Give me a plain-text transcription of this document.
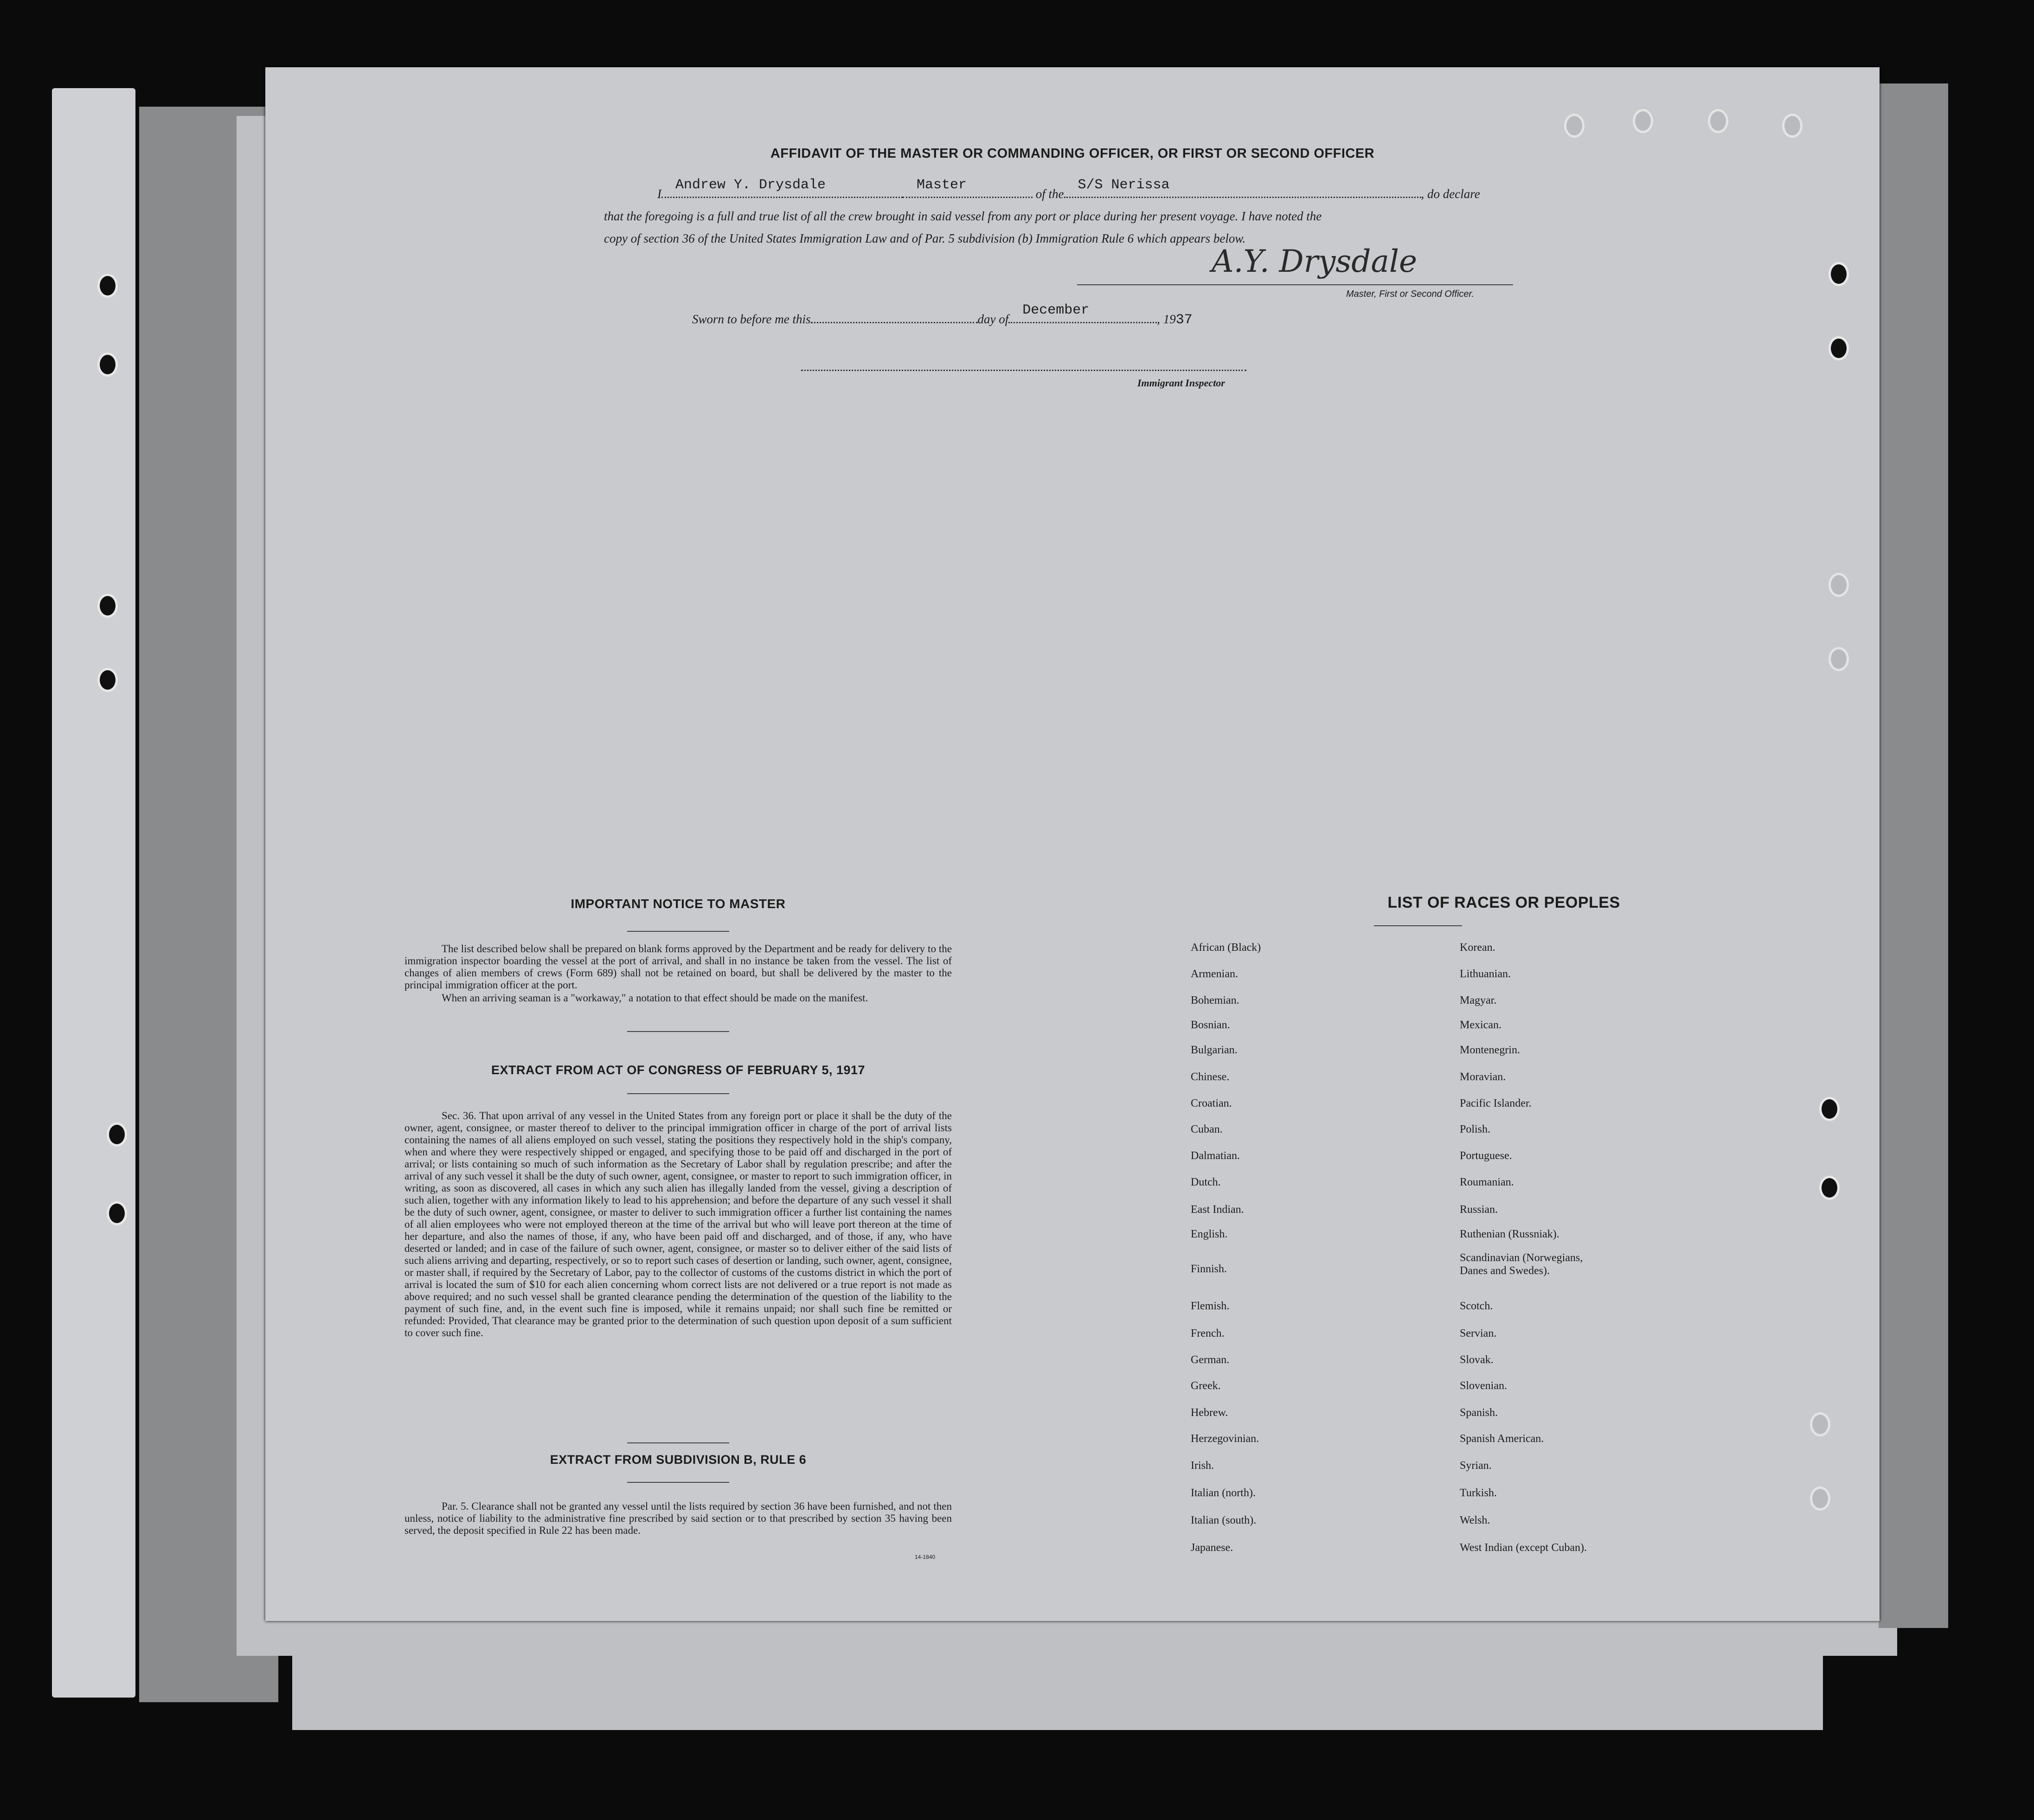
AFFIDAVIT OF THE MASTER OR COMMANDING OFFICER, OR FIRST OR SECOND OFFICER
I
Andrew Y. Drysdale	Master
of the
S/S Nerissa
, do declare
that the foregoing is a full and true list of all the crew brought in said vessel from any port or place during her present voyage. I have noted the
copy of section 36 of the United States Immigration Law and of Par. 5 subdivision (b) Immigration Rule 6 which appears below.
A.Y. Drysdale
Master, First or Second Officer.
Sworn to before me this	day of
December
, 1937
Immigrant Inspector
IMPORTANT NOTICE TO MASTER
The list described below shall be prepared on blank forms approved by the Department and be ready for delivery to the immigration inspector boarding the vessel at the port of arrival, and shall in no instance be taken from the vessel. The list of changes of alien members of crews (Form 689) shall not be retained on board, but shall be delivered by the master to the principal immigration officer at the port.
When an arriving seaman is a "workaway," a notation to that effect should be made on the manifest.
EXTRACT FROM ACT OF CONGRESS OF FEBRUARY 5, 1917
Sec. 36. That upon arrival of any vessel in the United States from any foreign port or place it shall be the duty of the owner, agent, consignee, or master thereof to deliver to the principal immigration officer in charge of the port of arrival lists containing the names of all aliens employed on such vessel, stating the positions they respectively hold in the ship's company, when and where they were respectively shipped or engaged, and specifying those to be paid off and discharged in the port of arrival; or lists containing so much of such information as the Secretary of Labor shall by regulation prescribe; and after the arrival of any such vessel it shall be the duty of such owner, agent, consignee, or master to report to such immigration officer, in writing, as soon as discovered, all cases in which any such alien has illegally landed from the vessel, giving a description of such alien, together with any information likely to lead to his apprehension; and before the departure of any such vessel it shall be the duty of such owner, agent, consignee, or master to deliver to such immigration officer a further list containing the names of all alien employees who were not employed thereon at the time of the arrival but who will leave port thereon at the time of her departure, and also the names of those, if any, who have been paid off and discharged, and of those, if any, who have deserted or landed; and in case of the failure of such owner, agent, consignee, or master so to deliver either of the said lists of such aliens arriving and departing, respectively, or so to report such cases of desertion or landing, such owner, agent, consignee, or master shall, if required by the Secretary of Labor, pay to the collector of customs of the customs district in which the port of arrival is located the sum of $10 for each alien concerning whom correct lists are not delivered or a true report is not made as above required; and no such vessel shall be granted clearance pending the determination of the question of the liability to the payment of such fine, and, in the event such fine is imposed, while it remains unpaid; nor shall such fine be remitted or refunded: Provided, That clearance may be granted prior to the determination of such question upon deposit of a sum sufficient to cover such fine.
EXTRACT FROM SUBDIVISION B, RULE 6
Par. 5. Clearance shall not be granted any vessel until the lists required by section 36 have been furnished, and not then unless, notice of liability to the administrative fine prescribed by said section or to that prescribed by section 35 having been served, the deposit specified in Rule 22 has been made.
14-1840
LIST OF RACES OR PEOPLES
African (Black)
Armenian.
Bohemian.
Bosnian.
Bulgarian.
Chinese.
Croatian.
Cuban.
Dalmatian.
Dutch.
East Indian.
English.
Finnish.
Flemish.
French.
German.
Greek.
Hebrew.
Herzegovinian.
Irish.
Italian (north).
Italian (south).
Japanese.
Korean.
Lithuanian.
Magyar.
Mexican.
Montenegrin.
Moravian.
Pacific Islander.
Polish.
Portuguese.
Roumanian.
Russian.
Ruthenian (Russniak).
Scandinavian (Norwegians,
Danes and Swedes).
Scotch.
Servian.
Slovak.
Slovenian.
Spanish.
Spanish American.
Syrian.
Turkish.
Welsh.
West Indian (except Cuban).
